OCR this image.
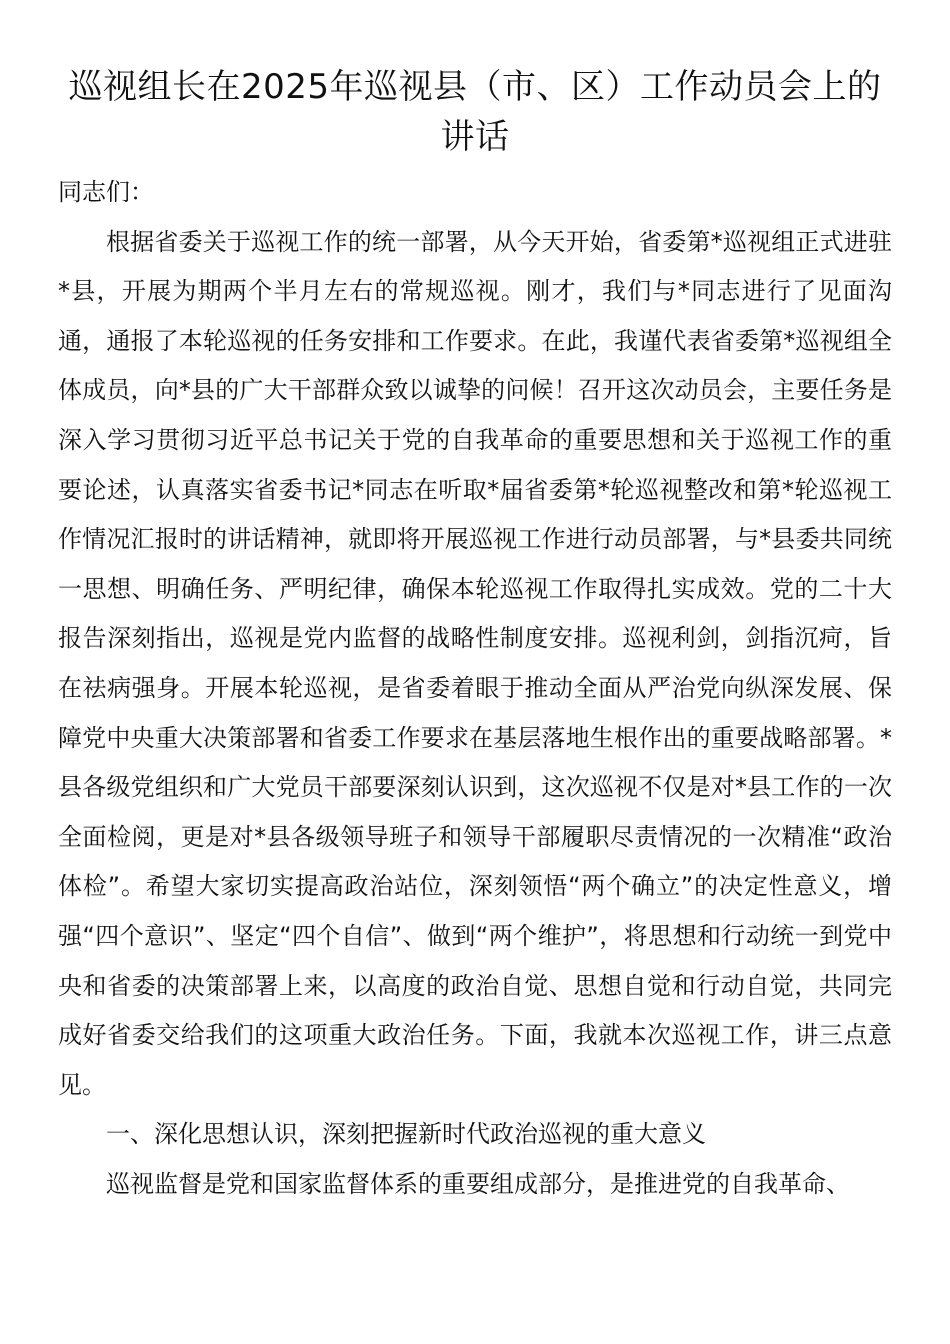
巡视组长在2025年巡视县（市、区）工作动员会上的讲话

同志们：

根据省委关于巡视工作的统一部署，从今天开始，省委第*巡视组正式进驻*县，开展为期两个半月左右的常规巡视。刚才，我们与*同志进行了见面沟通，通报了本轮巡视的任务安排和工作要求。在此，我谨代表省委第*巡视组全体成员，向*县的广大干部群众致以诚挚的问候！召开这次动员会，主要任务是深入学习贯彻习近平总书记关于党的自我革命的重要思想和关于巡视工作的重要论述，认真落实省委书记*同志在听取*届省委第*轮巡视整改和第*轮巡视工作情况汇报时的讲话精神，就即将开展巡视工作进行动员部署，与*县委共同统一思想、明确任务、严明纪律，确保本轮巡视工作取得扎实成效。党的二十大报告深刻指出，巡视是党内监督的战略性制度安排。巡视利剑，剑指沉疴，旨在祛病强身。开展本轮巡视，是省委着眼于推动全面从严治党向纵深发展、保障党中央重大决策部署和省委工作要求在基层落地生根作出的重要战略部署。*县各级党组织和广大党员干部要深刻认识到，这次巡视不仅是对*县工作的一次全面检阅，更是对*县各级领导班子和领导干部履职尽责情况的一次精准“政治体检”。希望大家切实提高政治站位，深刻领悟“两个确立”的决定性意义，增强“四个意识”、坚定“四个自信”、做到“两个维护”，将思想和行动统一到党中央和省委的决策部署上来，以高度的政治自觉、思想自觉和行动自觉，共同完成好省委交给我们的这项重大政治任务。下面，我就本次巡视工作，讲三点意见。

一、深化思想认识，深刻把握新时代政治巡视的重大意义

巡视监督是党和国家监督体系的重要组成部分，是推进党的自我革命、
